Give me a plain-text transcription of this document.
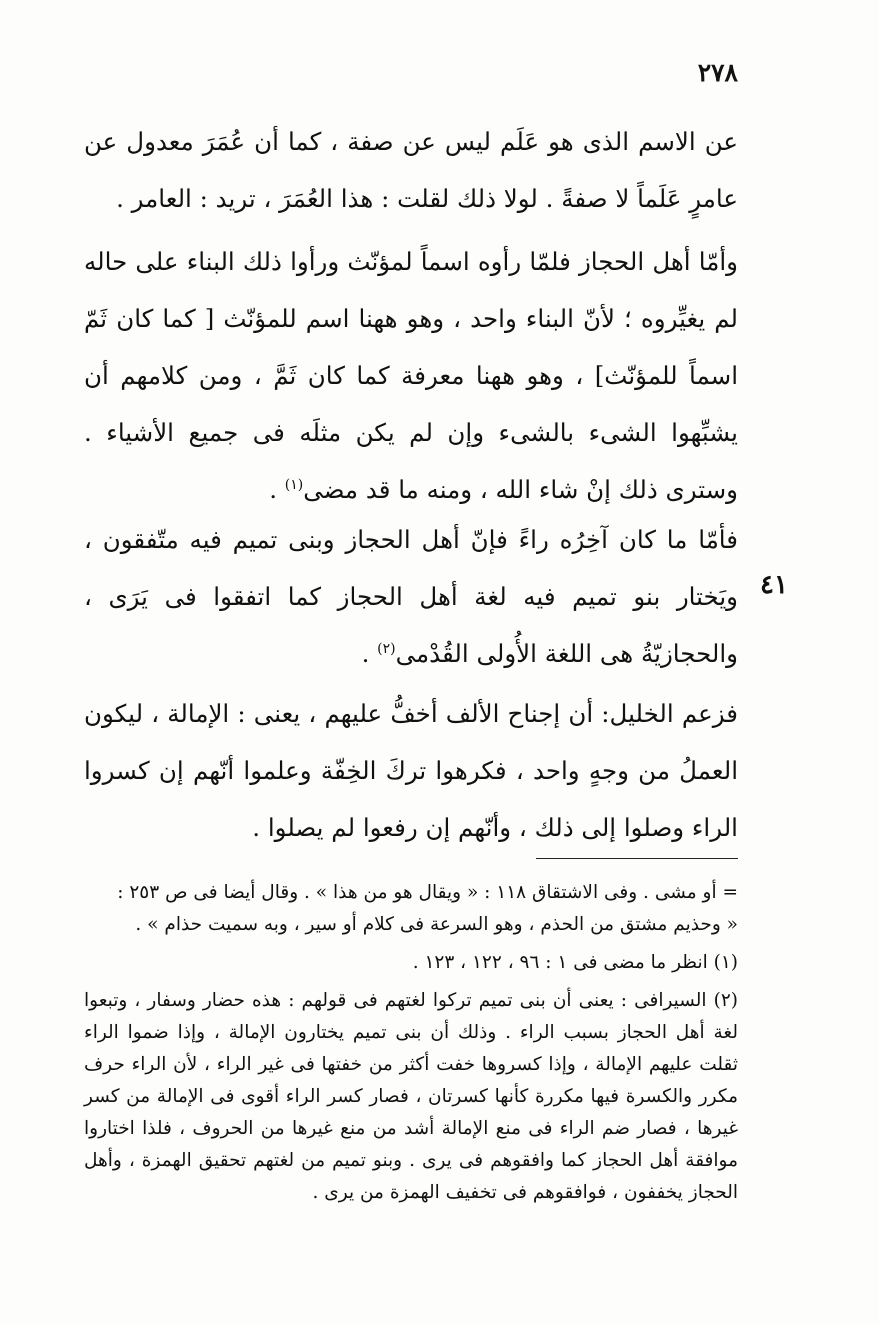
٢٧٨

عن الاسم الذى هو عَلَم ليس عن صفة ، كما أن عُمَرَ معدول عن عامرٍ عَلَماً لا صفةً . لولا ذلك لقلت : هذا العُمَرَ ، تريد : العامر .

وأمّا أهل الحجاز فلمّا رأوه اسماً لمؤنّث ورأوا ذلك البناء على حاله لم يغيِّروه ؛ لأنّ البناء واحد ، وهو ههنا اسم للمؤنّث [ كما كان ثَمّ اسماً للمؤنّث] ، وهو ههنا معرفة كما كان ثَمَّ ، ومن كلامهم أن يشبِّهوا الشىء بالشىء وإن لم يكن مثلَه فى جميع الأشياء . وسترى ذلك إنْ شاء الله ، ومنه ما قد مضى$^{(١)}$ .

٤١

فأمّا ما كان آخِرُه راءً فإنّ أهل الحجاز وبنى تميم فيه متّفقون ، ويَختار بنو تميم فيه لغة أهل الحجاز كما اتفقوا فى يَرَى ، والحجازيّةُ هى اللغة الأُولى القُدْمى$^{(٢)}$ .

فزعم الخليل: أن إجناح الألف أخفُّ عليهم ، يعنى : الإمالة ، ليكون العملُ من وجهٍ واحد ، فكرهوا تركَ الخِفّة وعلموا أنّهم إن كسروا الراء وصلوا إلى ذلك ، وأنّهم إن رفعوا لم يصلوا .

= أو مشى . وفى الاشتقاق ١١٨ : « ويقال هو من هذا » . وقال أيضا فى ص ٢٥٣ :

« وحذيم مشتق من الحذم ، وهو السرعة فى كلام أو سير ، وبه سميت حذام » .

(١) انظر ما مضى فى ١ : ٩٦ ، ١٢٢ ، ١٢٣ .

(٢) السيرافى : يعنى أن بنى تميم تركوا لغتهم فى قولهم : هذه حضار وسفار ، وتبعوا لغة أهل الحجاز بسبب الراء . وذلك أن بنى تميم يختارون الإمالة ، وإذا ضموا الراء ثقلت عليهم الإمالة ، وإذا كسروها خفت أكثر من خفتها فى غير الراء ، لأن الراء حرف مكرر والكسرة فيها مكررة كأنها كسرتان ، فصار كسر الراء أقوى فى الإمالة من كسر غيرها ، فصار ضم الراء فى منع الإمالة أشد من منع غيرها من الحروف ، فلذا اختاروا موافقة أهل الحجاز كما وافقوهم فى يرى . وبنو تميم من لغتهم تحقيق الهمزة ، وأهل الحجاز يخففون ، فوافقوهم فى تخفيف الهمزة من يرى .
